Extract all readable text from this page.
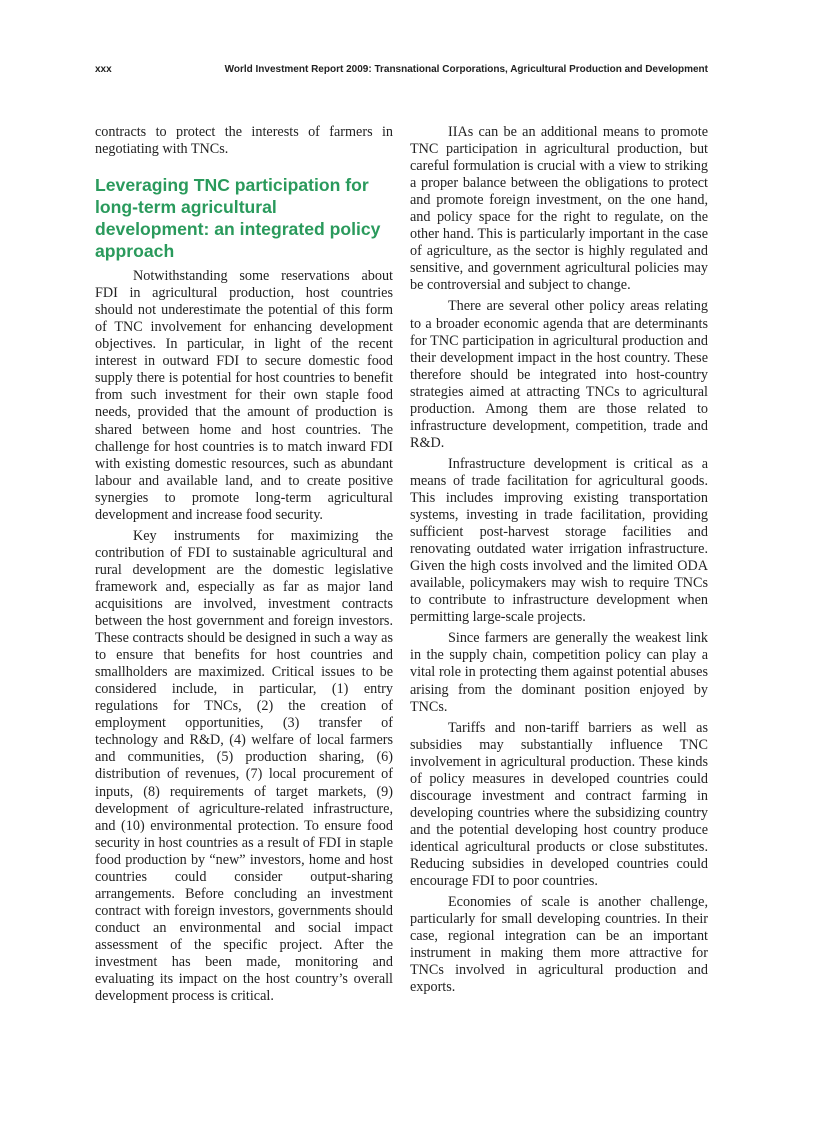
xxx	World Investment Report 2009: Transnational Corporations, Agricultural Production and Development

contracts to protect the interests of farmers in negotiating with TNCs.

Leveraging TNC participation for long-term agricultural development: an integrated policy approach

Notwithstanding some reservations about FDI in agricultural production, host countries should not underestimate the potential of this form of TNC involvement for enhancing development objectives. In particular, in light of the recent interest in outward FDI to secure domestic food supply there is potential for host countries to benefit from such investment for their own staple food needs, provided that the amount of production is shared between home and host countries. The challenge for host countries is to match inward FDI with existing domestic resources, such as abundant labour and available land, and to create positive synergies to promote long-term agricultural development and increase food security.

Key instruments for maximizing the contribution of FDI to sustainable agricultural and rural development are the domestic legislative framework and, especially as far as major land acquisitions are involved, investment contracts between the host government and foreign investors. These contracts should be designed in such a way as to ensure that benefits for host countries and smallholders are maximized. Critical issues to be considered include, in particular, (1) entry regulations for TNCs, (2) the creation of employment opportunities, (3) transfer of technology and R&D, (4) welfare of local farmers and communities, (5) production sharing, (6) distribution of revenues, (7) local procurement of inputs, (8) requirements of target markets, (9) development of agriculture-related infrastructure, and (10) environmental protection. To ensure food security in host countries as a result of FDI in staple food production by “new” investors, home and host countries could consider output-sharing arrangements. Before concluding an investment contract with foreign investors, governments should conduct an environmental and social impact assessment of the specific project. After the investment has been made, monitoring and evaluating its impact on the host country’s overall development process is critical.

IIAs can be an additional means to promote TNC participation in agricultural production, but careful formulation is crucial with a view to striking a proper balance between the obligations to protect and promote foreign investment, on the one hand, and policy space for the right to regulate, on the other hand. This is particularly important in the case of agriculture, as the sector is highly regulated and sensitive, and government agricultural policies may be controversial and subject to change.

There are several other policy areas relating to a broader economic agenda that are determinants for TNC participation in agricultural production and their development impact in the host country. These therefore should be integrated into host-country strategies aimed at attracting TNCs to agricultural production. Among them are those related to infrastructure development, competition, trade and R&D.

Infrastructure development is critical as a means of trade facilitation for agricultural goods. This includes improving existing transportation systems, investing in trade facilitation, providing sufficient post-harvest storage facilities and renovating outdated water irrigation infrastructure. Given the high costs involved and the limited ODA available, policymakers may wish to require TNCs to contribute to infrastructure development when permitting large-scale projects.

Since farmers are generally the weakest link in the supply chain, competition policy can play a vital role in protecting them against potential abuses arising from the dominant position enjoyed by TNCs.

Tariffs and non-tariff barriers as well as subsidies may substantially influence TNC involvement in agricultural production. These kinds of policy measures in developed countries could discourage investment and contract farming in developing countries where the subsidizing country and the potential developing host country produce identical agricultural products or close substitutes. Reducing subsidies in developed countries could encourage FDI to poor countries.

Economies of scale is another challenge, particularly for small developing countries. In their case, regional integration can be an important instrument in making them more attractive for TNCs involved in agricultural production and exports.
